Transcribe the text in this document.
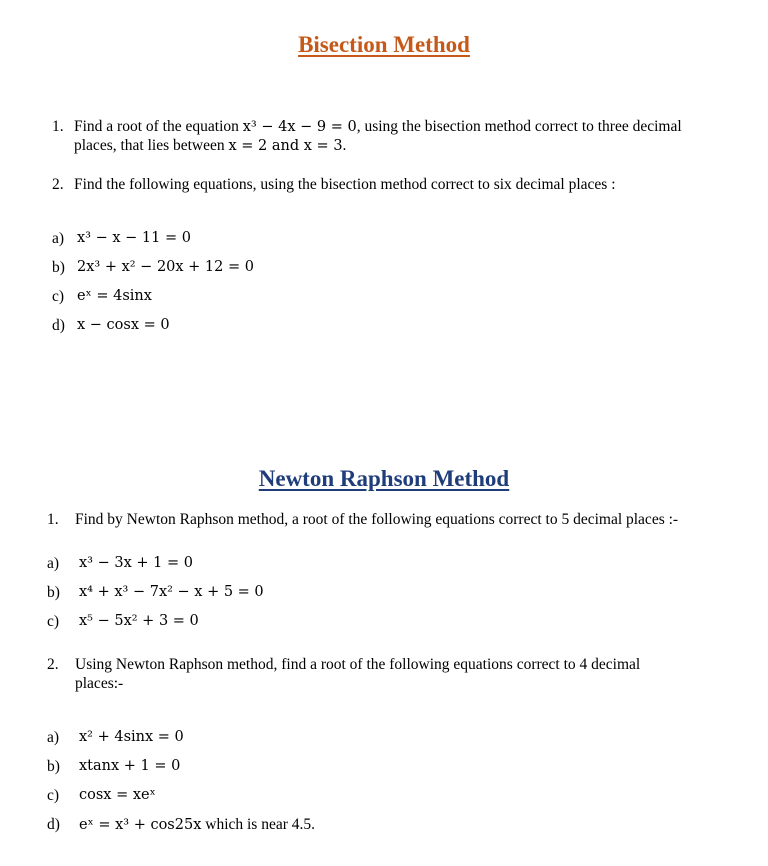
Bisection Method
1. Find a root of the equation x³ − 4x − 9 = 0, using the bisection method correct to three decimal
places, that lies between x = 2 and x = 3.
2. Find the following equations, using the bisection method correct to six decimal places :
a) x³ − x − 11 = 0
b) 2x³ + x² − 20x + 12 = 0
c) eˣ = 4sinx
d) x − cosx = 0
Newton Raphson Method
1. Find by Newton Raphson method, a root of the following equations correct to 5 decimal places :-
a) x³ − 3x + 1 = 0
b) x⁴ + x³ − 7x² − x + 5 = 0
c) x⁵ − 5x² + 3 = 0
2. Using Newton Raphson method, find a root of the following equations correct to 4 decimal
places:-
a) x² + 4sinx = 0
b) xtanx + 1 = 0
c) cosx = xeˣ
d) eˣ = x³ + cos25x which is near 4.5.
